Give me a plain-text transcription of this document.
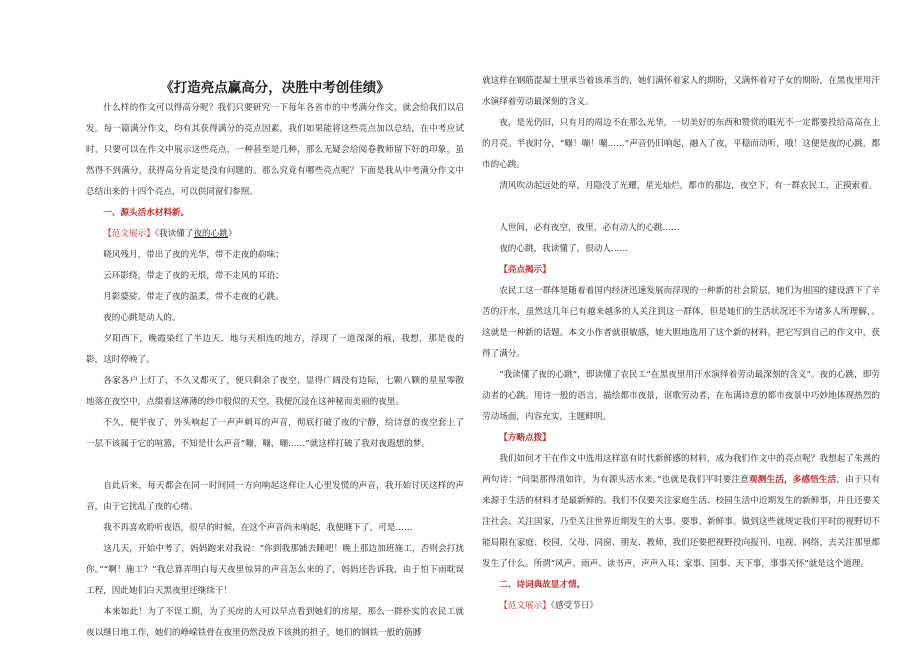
《打造亮点赢高分，决胜中考创佳绩》

什么样的作文可以得高分呢？我们只要研究一下每年各省市的中考满分作文，就会给我们以启发。每一篇满分作文，均有其获得满分的亮点因素，我们如果能将这些亮点加以总结，在中考应试时，只要可以在作文中展示这些亮点，一种甚至是几种，那么无疑会给阅卷教师留下好的印象，虽然得不到满分，获得高分肯定是没有问题的。那么究竟有哪些亮点呢？下面是我从中考满分作文中总结出来的十四个亮点，可以供同窗们参照。

一、源头活水材料新。

【范文展示】《我读懂了夜的心跳》

晓风残月，带出了夜的光华，带不走夜的韵味；

云环影绕，带走了夜的无垠，带不走风的耳语；

月影婆娑，带走了夜的温柔，带不走夜的心跳。

夜的心跳是动人的。

夕阳西下，晚霞染红了半边天，地与天相连的地方，浮现了一道深深的痕，我想，那是夜的影，这时停晚了。

各家各户上灯了，不久又都灭了，便只剩余了夜空，显得广阔没有边际，七颗八颗的星星零散地落在夜空中，点缀着这薄薄的纱巾般似的天空，我便沉浸在这神秘而美丽的夜里。

不久，便半夜了，外头响起了一声声刺耳的声音，彻底打破了夜的宁静，给诗意的夜空套上了一层不该属于它的喧嚣，不知是什么声音“嘣，嘣，嘣……”就这样打破了我对夜遐想的梦。

自此后来，每天都会在同一时间同一方向响起这样让人心里发慌的声音，我开始讨厌这样的声音，由于它扰乱了夜的心绪。

我不再喜欢聆听夜语，很早的时候，在这个声音尚未响起，我便睡下了，可是……

这几天，开始中考了，妈妈跑来对我说：“你到我那铺去睡吧！晚上那边加班施工，否则会打扰你。”“啊！施工？”我总算弄明白每天夜里惊异的声音怎么来的了，妈妈还告诉我，由于怕下雨耽误工程，因此她们白天黑夜里还继续干！

本来如此！为了不误工期，为了买房的人可以早点看到她们的房屋，那么一群朴实的农民工就夜以继日地工作，她们的峥嵘铁骨在夜里仍然没放下该挑的担子，她们的钢铁一般的筋膊

就这样在钢筋混凝土里承当着该承当的，她们满怀着家人的期盼，又满怀着对子女的期盼，在黑夜里用汗水演绎着劳动最深刻的含义。

夜，是光仍旧，只有月的周边不在那么光华，一切美好的东西和赞赏的眼光不一定都要投给高高在上的月亮。半夜时分，“嘣！嘣！嘣……”声音仍旧响起，融入了夜，平稳而动听，哦！这便是夜的心跳，都市的心跳。

清风吹动起远处的草，月隐没了光耀，星光灿烂，都市的那边，夜空下，有一群农民工，正摸索着。

人世间，必有夜空，夜里，必有动人的心跳……

夜的心跳，我读懂了，很动人……

【亮点揭示】

农民工这一群体是随着着国内经济迅速发展而浮现的一种新的社会阶层，她们为祖国的建设洒下了辛苦的汗水，虽然这几年已有越来越多的人关注到这一群体，但是她们的生活状况还不为诸多人所理解，。这就是一种新的话题。本文小作者就很敏感，她大胆地选用了这个新的材料，把它写到自己的作文中，获得了满分。

“我读懂了夜的心跳”，即读懂了农民工“在黑夜里用汗水演绎着劳动最深刻的含义”。夜的心跳，即劳动者的心跳。用诗一般的语言，描绘都市夜景，讴歌劳动者，在布满诗意的都市夜景中巧妙地体现热烈的劳动场面，内容充实，主题鲜明。

【方略点拨】

我们如何才干在作文中选用这样富有时代新鲜感的材料，成为我们作文中的亮点呢？我想起了朱熹的两句诗：“问渠那得清如许，为有源头活水来。”也就是我们平时要注意观测生活，多感悟生活，由于只有来源于生活的材料才是最新鲜的。我们不仅要关注家庭生活、校园生活中近期发生的新鲜事，并且还要关注社会、关注国家，乃至关注世界近期发生的大事、要事、新鲜事。做到这些就规定我们平时的视野切不能局限在家庭、校园，父母、同窗、朋友、教师，我们还要把视野投向报刊、电视、网络，去关注那里都发生了什么。所谓“风声、雨声、读书声，声声入耳；家事、国事、天下事，事事关怀”就是这个道理。

二、诗词典故显才情。

【范文展示】《感受节日》
